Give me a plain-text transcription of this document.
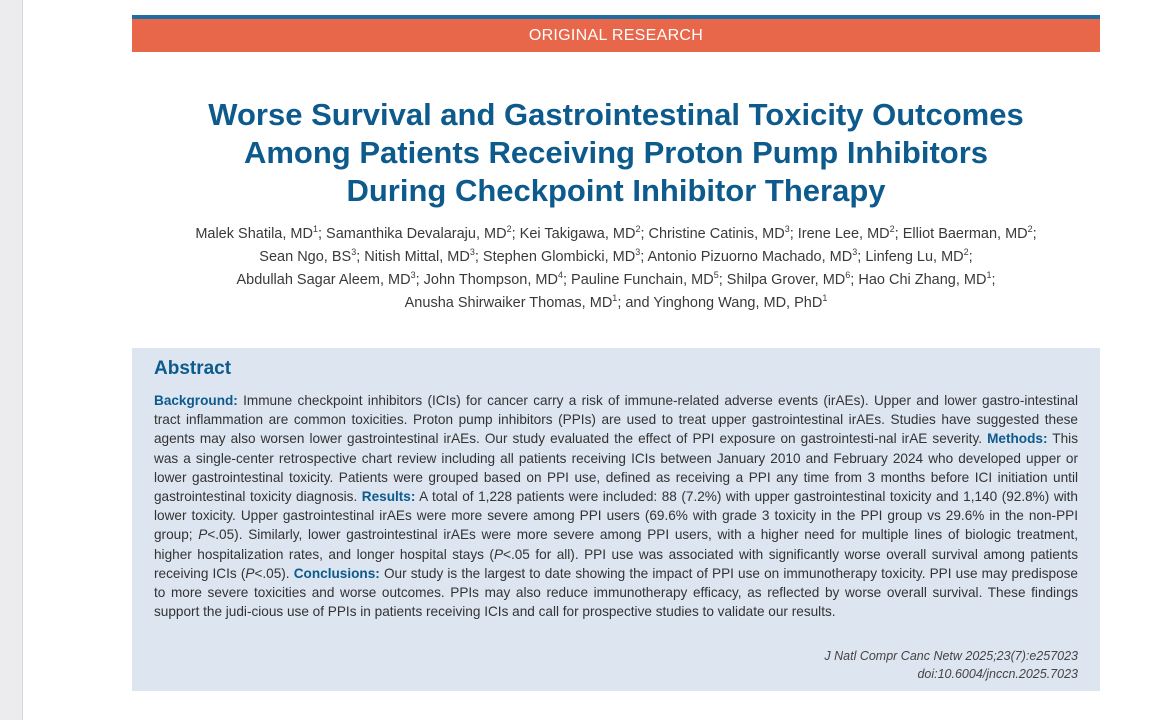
ORIGINAL RESEARCH
Worse Survival and Gastrointestinal Toxicity Outcomes
Among Patients Receiving Proton Pump Inhibitors
During Checkpoint Inhibitor Therapy
Malek Shatila, $MD^1$; Samanthika Devalaraju, $MD^2$; Kei Takigawa, $MD^2$; Christine Catinis, $MD^3$; Irene Lee, $MD^2$; Elliot Baerman, $MD^2$;
Sean Ngo, $BS^3$; Nitish Mittal, $MD^3$; Stephen Glombicki, $MD^3$; Antonio Pizuorno Machado, $MD^3$; Linfeng Lu, $MD^2$;
Abdullah Sagar Aleem, $MD^3$; John Thompson, $MD^4$; Pauline Funchain, $MD^5$; Shilpa Grover, $MD^6$; Hao Chi Zhang, $MD^1$;
Anusha Shirwaiker Thomas, $MD^1$; and Yinghong Wang, MD, PhD$^1$
Abstract
Background: Immune checkpoint inhibitors (ICIs) for cancer carry a risk of immune-related adverse events (irAEs). Upper and lower gastro-intestinal tract inflammation are common toxicities. Proton pump inhibitors (PPIs) are used to treat upper gastrointestinal irAEs. Studies have suggested these agents may also worsen lower gastrointestinal irAEs. Our study evaluated the effect of PPI exposure on gastrointesti-nal irAE severity. Methods: This was a single-center retrospective chart review including all patients receiving ICIs between January 2010 and February 2024 who developed upper or lower gastrointestinal toxicity. Patients were grouped based on PPI use, defined as receiving a PPI any time from 3 months before ICI initiation until gastrointestinal toxicity diagnosis. Results: A total of 1,228 patients were included: 88 (7.2%) with upper gastrointestinal toxicity and 1,140 (92.8%) with lower toxicity. Upper gastrointestinal irAEs were more severe among PPI users (69.6% with grade 3 toxicity in the PPI group vs 29.6% in the non-PPI group; P<.05). Similarly, lower gastrointestinal irAEs were more severe among PPI users, with a higher need for multiple lines of biologic treatment, higher hospitalization rates, and longer hospital stays (P<.05 for all). PPI use was associated with significantly worse overall survival among patients receiving ICIs (P<.05). Conclusions: Our study is the largest to date showing the impact of PPI use on immunotherapy toxicity. PPI use may predispose to more severe toxicities and worse outcomes. PPIs may also reduce immunotherapy efficacy, as reflected by worse overall survival. These findings support the judi-cious use of PPIs in patients receiving ICIs and call for prospective studies to validate our results.
J Natl Compr Canc Netw 2025;23(7):e257023
doi:10.6004/jnccn.2025.7023
